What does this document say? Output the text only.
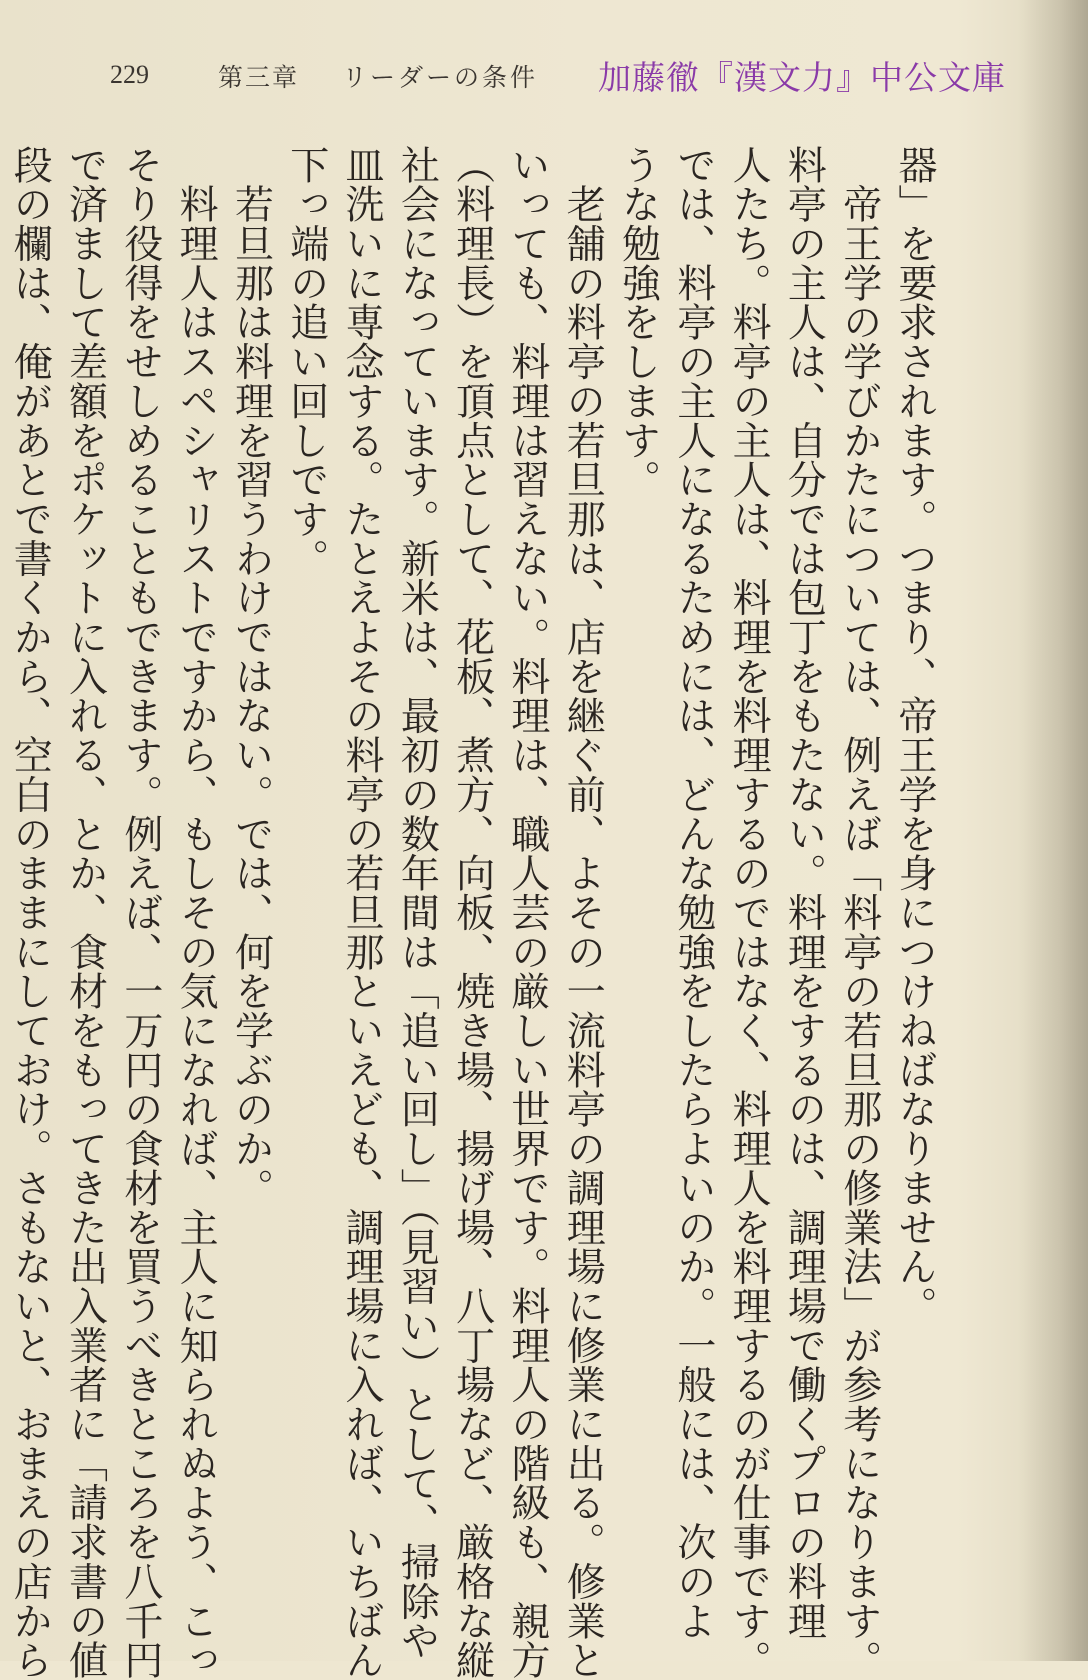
229	第三章 リーダーの条件 加藤徹『漢文力』中公文庫

器」を要求されます。つまり、帝王学を身につけねばなりません。

　帝王学の学びかたについては、例えば「料亭の若旦那の修業法」が参考になります。

料亭の主人は、自分では包丁をもたない。料理をするのは、調理場で働くプロの料理

人たち。料亭の主人は、料理を料理するのではなく、料理人を料理するのが仕事です。

では、料亭の主人になるためには、どんな勉強をしたらよいのか。一般には、次のよ

うな勉強をします。

　老舗の料亭の若旦那は、店を継ぐ前、よその一流料亭の調理場に修業に出る。修業と

いっても、料理は習えない。料理は、職人芸の厳しい世界です。料理人の階級も、親方

（料理長）を頂点として、花板、煮方、向板、焼き場、揚げ場、八丁場など、厳格な縦

社会になっています。新米は、最初の数年間は「追い回し」（見習い）として、掃除や

皿洗いに専念する。たとえよその料亭の若旦那といえども、調理場に入れば、いちばん

下っ端の追い回しです。

　若旦那は料理を習うわけではない。では、何を学ぶのか。

　料理人はスペシャリストですから、もしその気になれば、主人に知られぬよう、こっ

そり役得をせしめることもできます。例えば、一万円の食材を買うべきところを八千円

で済まして差額をポケットに入れる、とか、食材をもってきた出入業者に「請求書の値

段の欄は、俺があとで書くから、空白のままにしておけ。さもないと、おまえの店から
